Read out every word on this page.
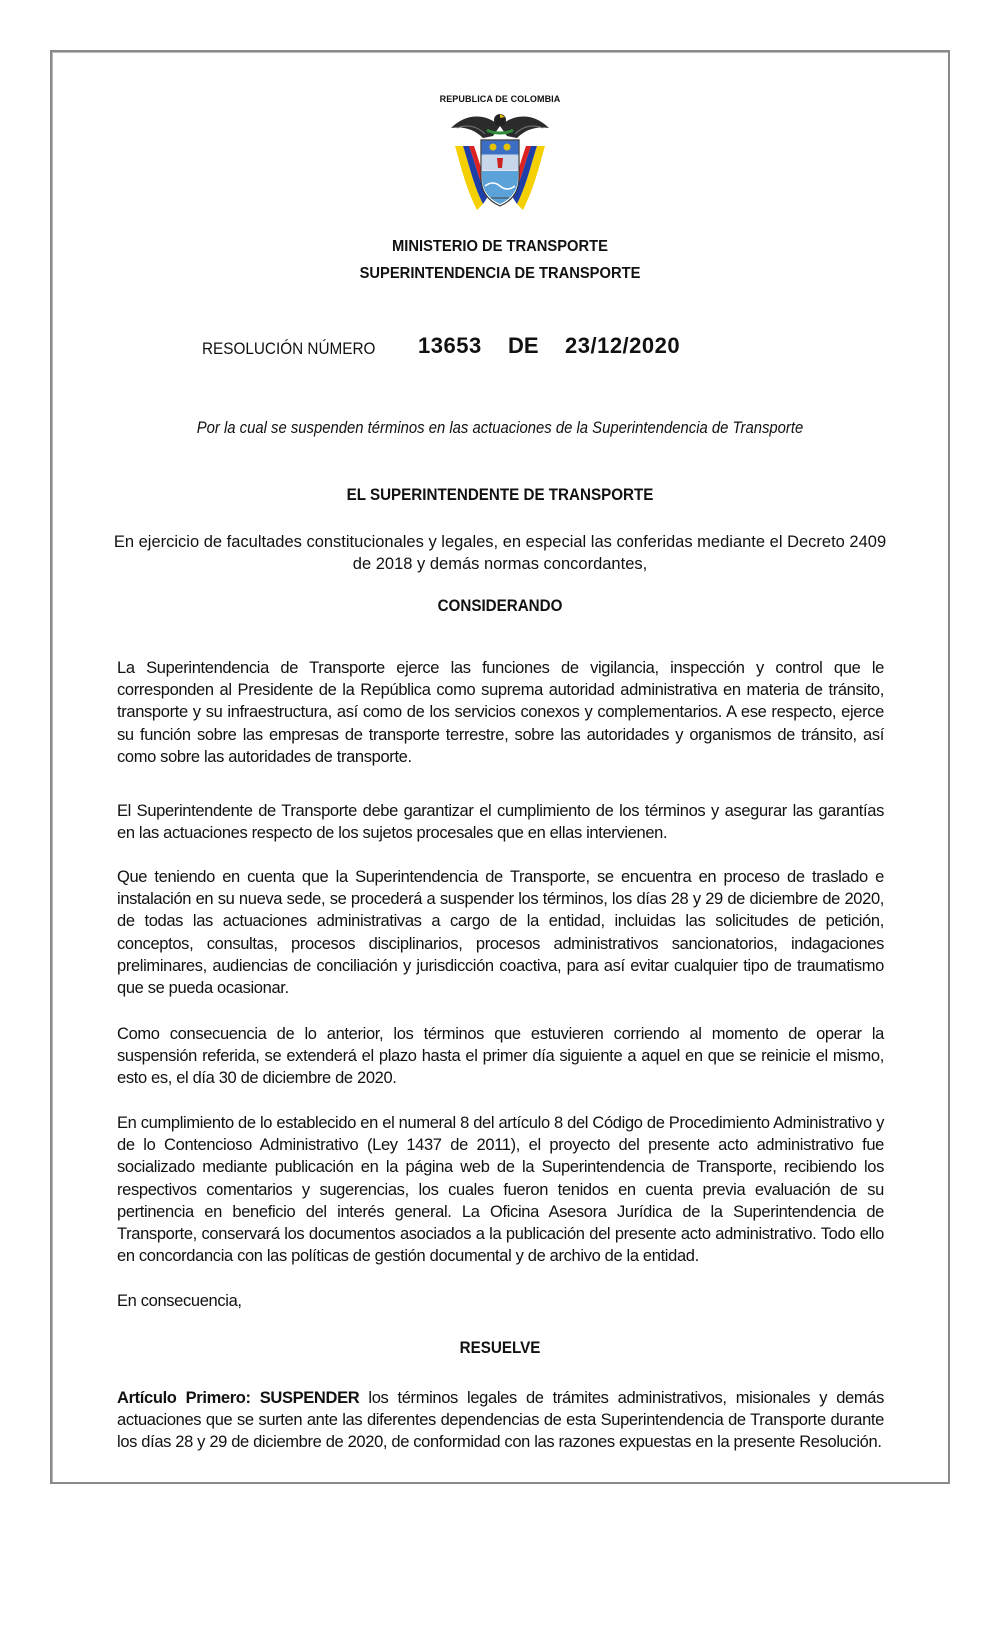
REPUBLICA DE COLOMBIA
MINISTERIO DE TRANSPORTE
SUPERINTENDENCIA DE TRANSPORTE
RESOLUCIÓN NÚMERO 13653 DE 23/12/2020
Por la cual se suspenden términos en las actuaciones de la Superintendencia de Transporte
EL SUPERINTENDENTE DE TRANSPORTE
En ejercicio de facultades constitucionales y legales, en especial las conferidas mediante el Decreto 2409 de 2018 y demás normas concordantes,
CONSIDERANDO
La Superintendencia de Transporte ejerce las funciones de vigilancia, inspección y control que le corresponden al Presidente de la República como suprema autoridad administrativa en materia de tránsito, transporte y su infraestructura, así como de los servicios conexos y complementarios. A ese respecto, ejerce su función sobre las empresas de transporte terrestre, sobre las autoridades y organismos de tránsito, así como sobre las autoridades de transporte.
El Superintendente de Transporte debe garantizar el cumplimiento de los términos y asegurar las garantías en las actuaciones respecto de los sujetos procesales que en ellas intervienen.
Que teniendo en cuenta que la Superintendencia de Transporte, se encuentra en proceso de traslado e instalación en su nueva sede, se procederá a suspender los términos, los días 28 y 29 de diciembre de 2020, de todas las actuaciones administrativas a cargo de la entidad, incluidas las solicitudes de petición, conceptos, consultas, procesos disciplinarios, procesos administrativos sancionatorios, indagaciones preliminares, audiencias de conciliación y jurisdicción coactiva, para así evitar cualquier tipo de traumatismo que se pueda ocasionar.
Como consecuencia de lo anterior, los términos que estuvieren corriendo al momento de operar la suspensión referida, se extenderá el plazo hasta el primer día siguiente a aquel en que se reinicie el mismo, esto es, el día 30 de diciembre de 2020.
En cumplimiento de lo establecido en el numeral 8 del artículo 8 del Código de Procedimiento Administrativo y de lo Contencioso Administrativo (Ley 1437 de 2011), el proyecto del presente acto administrativo fue socializado mediante publicación en la página web de la Superintendencia de Transporte, recibiendo los respectivos comentarios y sugerencias, los cuales fueron tenidos en cuenta previa evaluación de su pertinencia en beneficio del interés general. La Oficina Asesora Jurídica de la Superintendencia de Transporte, conservará los documentos asociados a la publicación del presente acto administrativo. Todo ello en concordancia con las políticas de gestión documental y de archivo de la entidad.
En consecuencia,
RESUELVE
Artículo Primero: SUSPENDER los términos legales de trámites administrativos, misionales y demás actuaciones que se surten ante las diferentes dependencias de esta Superintendencia de Transporte durante los días 28 y 29 de diciembre de 2020, de conformidad con las razones expuestas en la presente Resolución.
